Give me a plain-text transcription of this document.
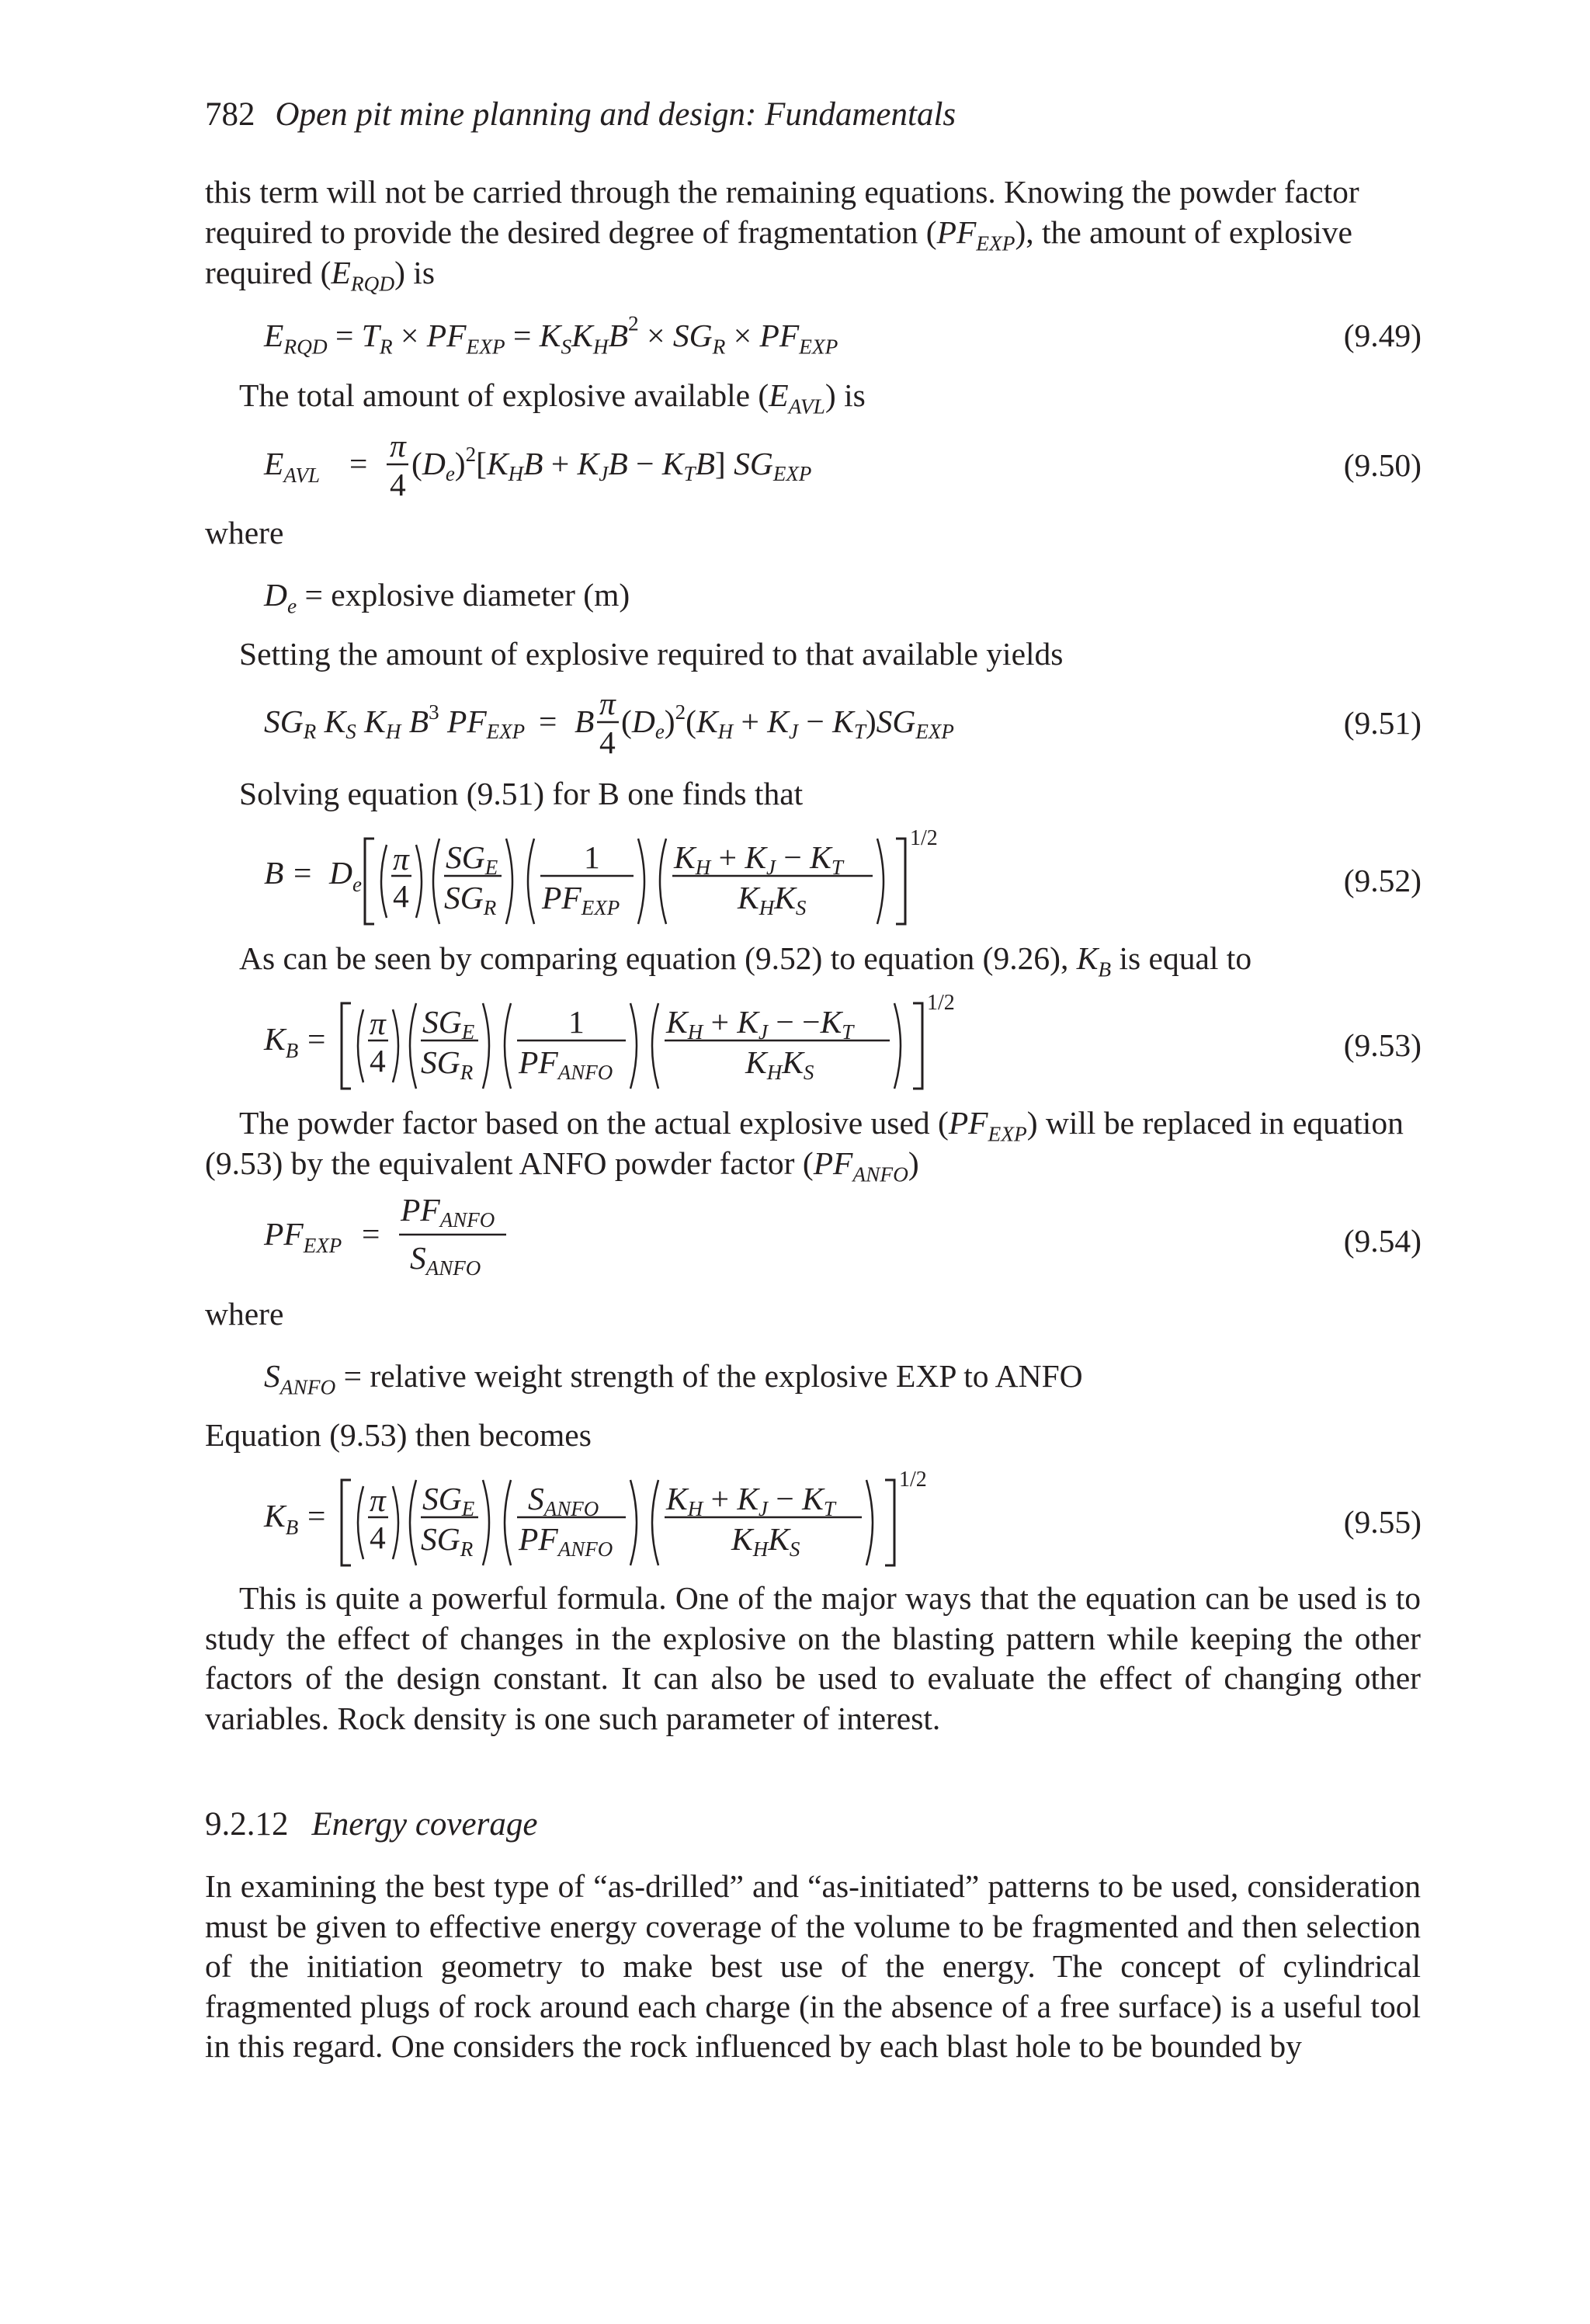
782 Open pit mine planning and design: Fundamentals
this term will not be carried through the remaining equations. Knowing the powder factor
required to provide the desired degree of fragmentation $(PF_{EXP})$, the amount of explosive
required $(E_{RQD})$ is
$E_{RQD} = T_R \times PF_{EXP} = K_SK_HB^2 \times SG_R \times PF_{EXP}$	(9.49)
The total amount of explosive available $(E_{AVL})$ is
$E_{AVL} = \pi$
4
$(De)^2[KHB$ + KJB − KTB] SGEXP	(9.50)
where
$D_e$ = explosive diameter (m)
Setting the amount of explosive required to that available yields
SGR KS KH $B^3$ PFEXP = B π
4
$(De)^2(KH$ + KJ − KT)SGEXP	(9.51)
Solving equation (9.51) for B one finds that
$B = D_e$
π
4
SGE
SGR
1
PFEXP
KH + KJ − KT
KHKS
1/2
(9.52)
As can be seen by comparing equation (9.52) to equation (9.26), $K_B$ is equal to
$K_B = \pi$
4
SGE
SGR
1
PFANFO
KH + KJ − −KT
KHKS
1/2
(9.53)
The powder factor based on the actual explosive used $(PF_{EXP})$ will be replaced in equation
(9.53) by the equivalent ANFO powder factor $(PF_{ANFO})$
$PF_{EXP}$ =
PFANFO
SANFO
(9.54)
where
$S_{ANFO}$ = relative weight strength of the explosive EXP to ANFO
Equation (9.53) then becomes
$K_B = \pi$
4
SGE
SGR
SANFO
PFANFO
KH + KJ − KT
KHKS
1/2
(9.55)
This is quite a powerful formula. One of the major ways that the equation can be used is to study the effect of changes in the explosive on the blasting pattern while keeping the other factors of the design constant. It can also be used to evaluate the effect of changing other variables. Rock density is one such parameter of interest.
9.2.12 Energy coverage
In examining the best type of “as-drilled” and “as-initiated” patterns to be used, consideration must be given to effective energy coverage of the volume to be fragmented and then selection of the initiation geometry to make best use of the energy. The concept of cylindrical fragmented plugs of rock around each charge (in the absence of a free surface) is a useful tool in this regard. One considers the rock influenced by each blast hole to be bounded by
